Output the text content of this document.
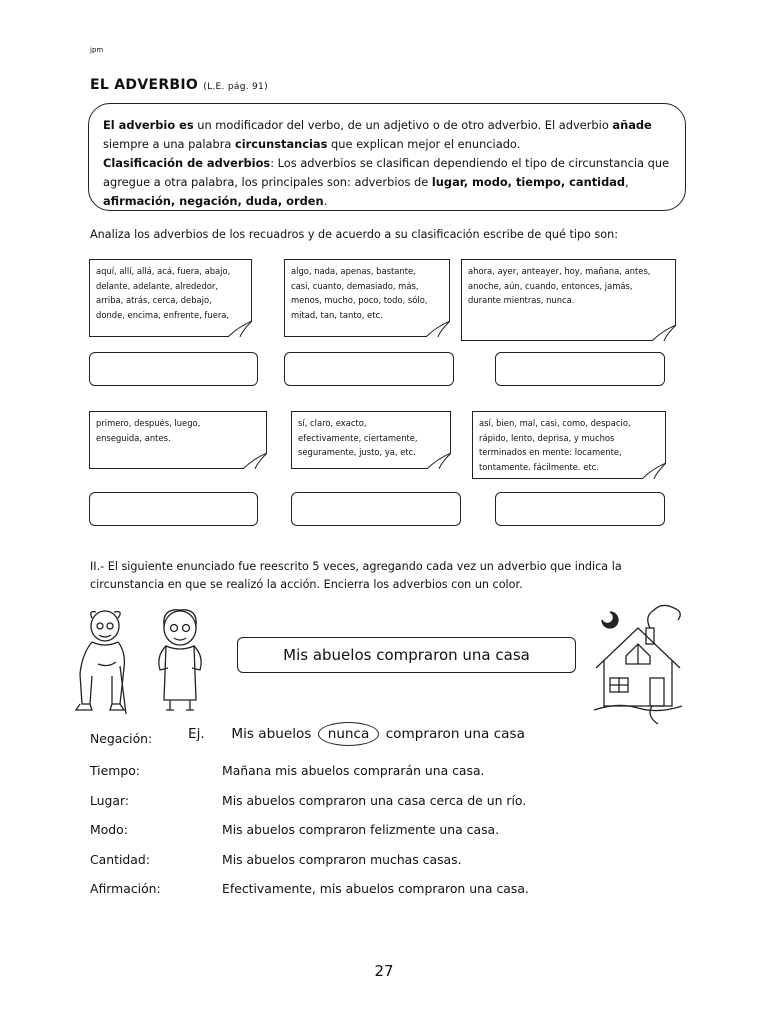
jpm
EL ADVERBIO (L.E. pág. 91)
El adverbio es un modificador del verbo, de un adjetivo o de otro adverbio. El adverbio añade
siempre a una palabra circunstancias que explican mejor el enunciado.
Clasificación de adverbios: Los adverbios se clasifican dependiendo el tipo de circunstancia que
agregue a otra palabra, los principales son: adverbios de lugar, modo, tiempo, cantidad,
afirmación, negación, duda, orden.
Analiza los adverbios de los recuadros y de acuerdo a su clasificación escribe de qué tipo son:
aquí, allí, allá, acá, fuera, abajo,
delante, adelante, alrededor,
arriba, atrás, cerca, debajo,
donde, encima, enfrente, fuera,
algo, nada, apenas, bastante,
casi, cuanto, demasiado, más,
menos, mucho, poco, todo, sólo,
mitad, tan, tanto, etc.
ahora, ayer, anteayer, hoy, mañana, antes,
anoche, aún, cuando, entonces, jamás,
durante mientras, nunca.
primero, después, luego,
enseguida, antes.
sí, claro, exacto,
efectivamente, ciertamente,
seguramente, justo, ya, etc.
así, bien, mal, casi, como, despacio,
rápido, lento, deprisa, y muchos
terminados en mente: locamente,
tontamente. fácilmente. etc.
II.- El siguiente enunciado fue reescrito 5 veces, agregando cada vez un adverbio que indica la
circunstancia en que se realizó la acción. Encierra los adverbios con un color.
Mis abuelos compraron una casa
Negación:	Ej. Mis abuelos nunca compraron una casa
Tiempo:	Mañana mis abuelos comprarán una casa.
Lugar:	Mis abuelos compraron una casa cerca de un río.
Modo:	Mis abuelos compraron felizmente una casa.
Cantidad:	Mis abuelos compraron muchas casas.
Afirmación:	Efectivamente, mis abuelos compraron una casa.
27
